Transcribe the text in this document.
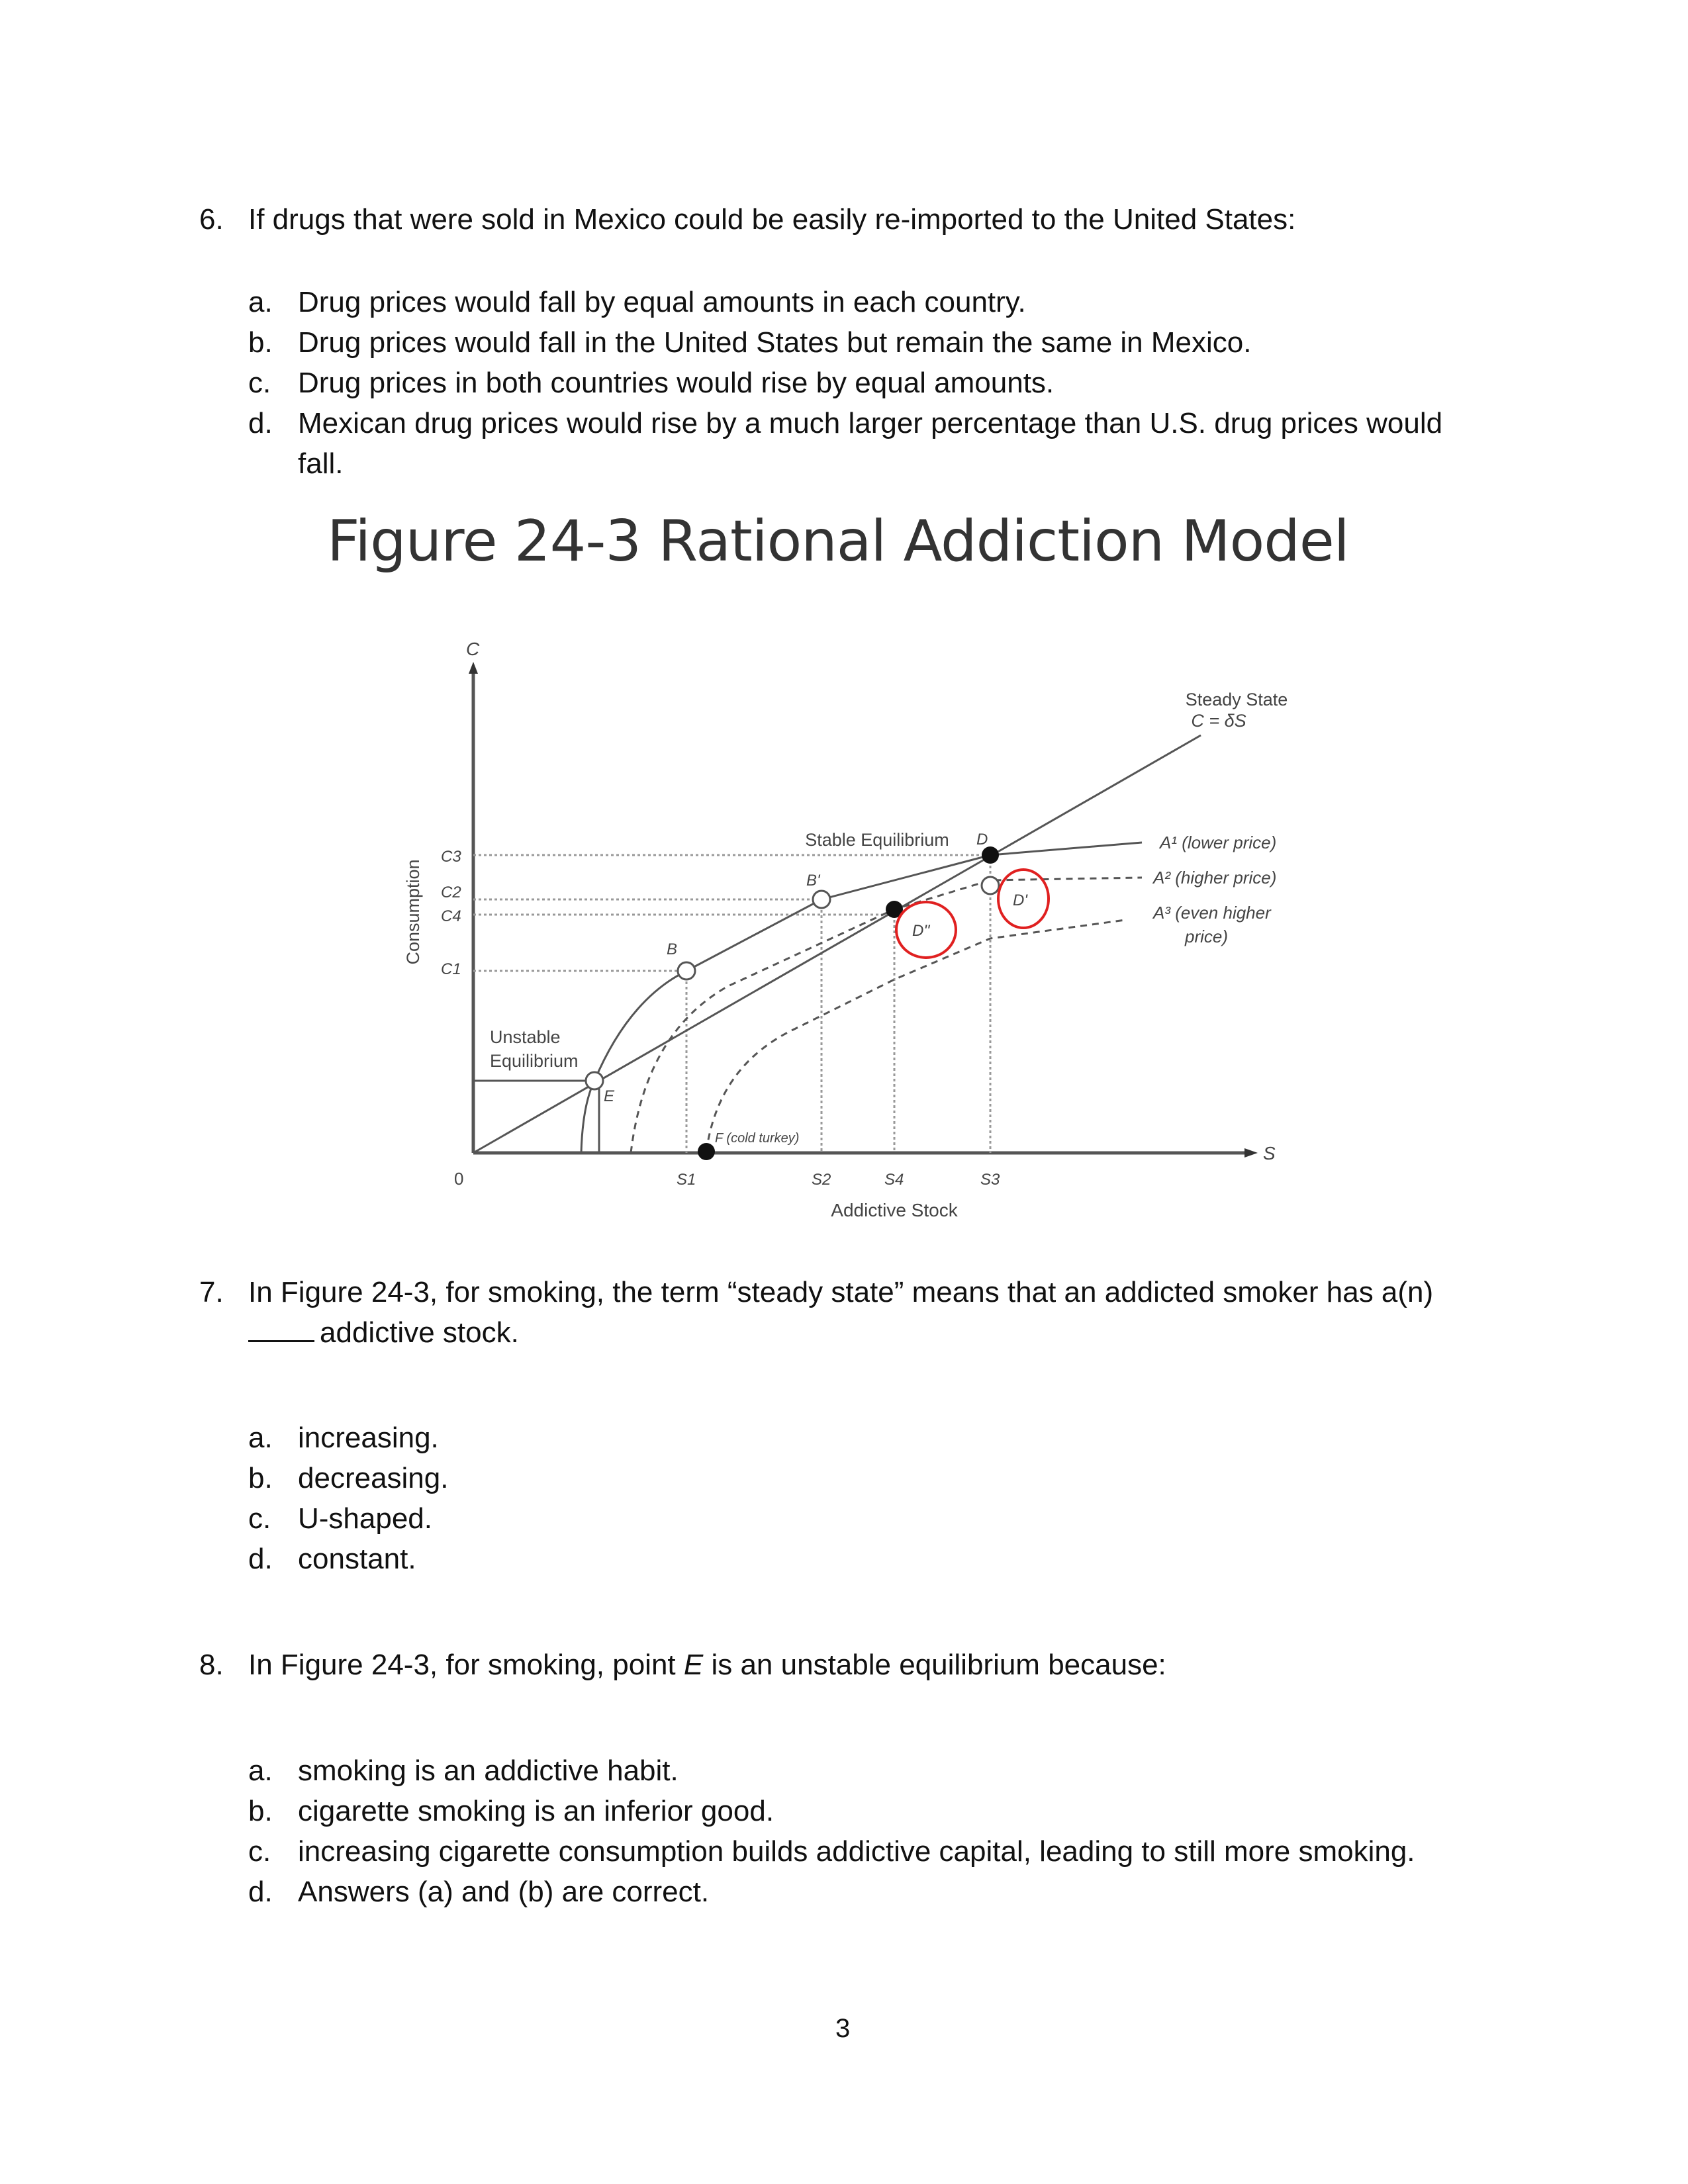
6. If drugs that were sold in Mexico could be easily re-imported to the United States:
a. Drug prices would fall by equal amounts in each country.
b. Drug prices would fall in the United States but remain the same in Mexico.
c. Drug prices in both countries would rise by equal amounts.
d. Mexican drug prices would rise by a much larger percentage than U.S. drug prices would
fall.
Figure 24-3 Rational Addiction Model
C
S
Consumption
Addictive Stock
0
C3
C2
C4
C1
S1	S2	S4	S3
Steady State
C = δS
Stable Equilibrium
Unstable
Equilibrium
E
B
B'
D
D'
D''
F (cold turkey)
A¹ (lower price)
A² (higher price)
A³ (even higher
price)
7. In Figure 24-3, for smoking, the term “steady state” means that an addicted smoker has a(n)
addictive stock.
a. increasing.
b. decreasing.
c. U-shaped.
d. constant.
8. In Figure 24-3, for smoking, point E is an unstable equilibrium because:
a. smoking is an addictive habit.
b. cigarette smoking is an inferior good.
c. increasing cigarette consumption builds addictive capital, leading to still more smoking.
d. Answers (a) and (b) are correct.
3
